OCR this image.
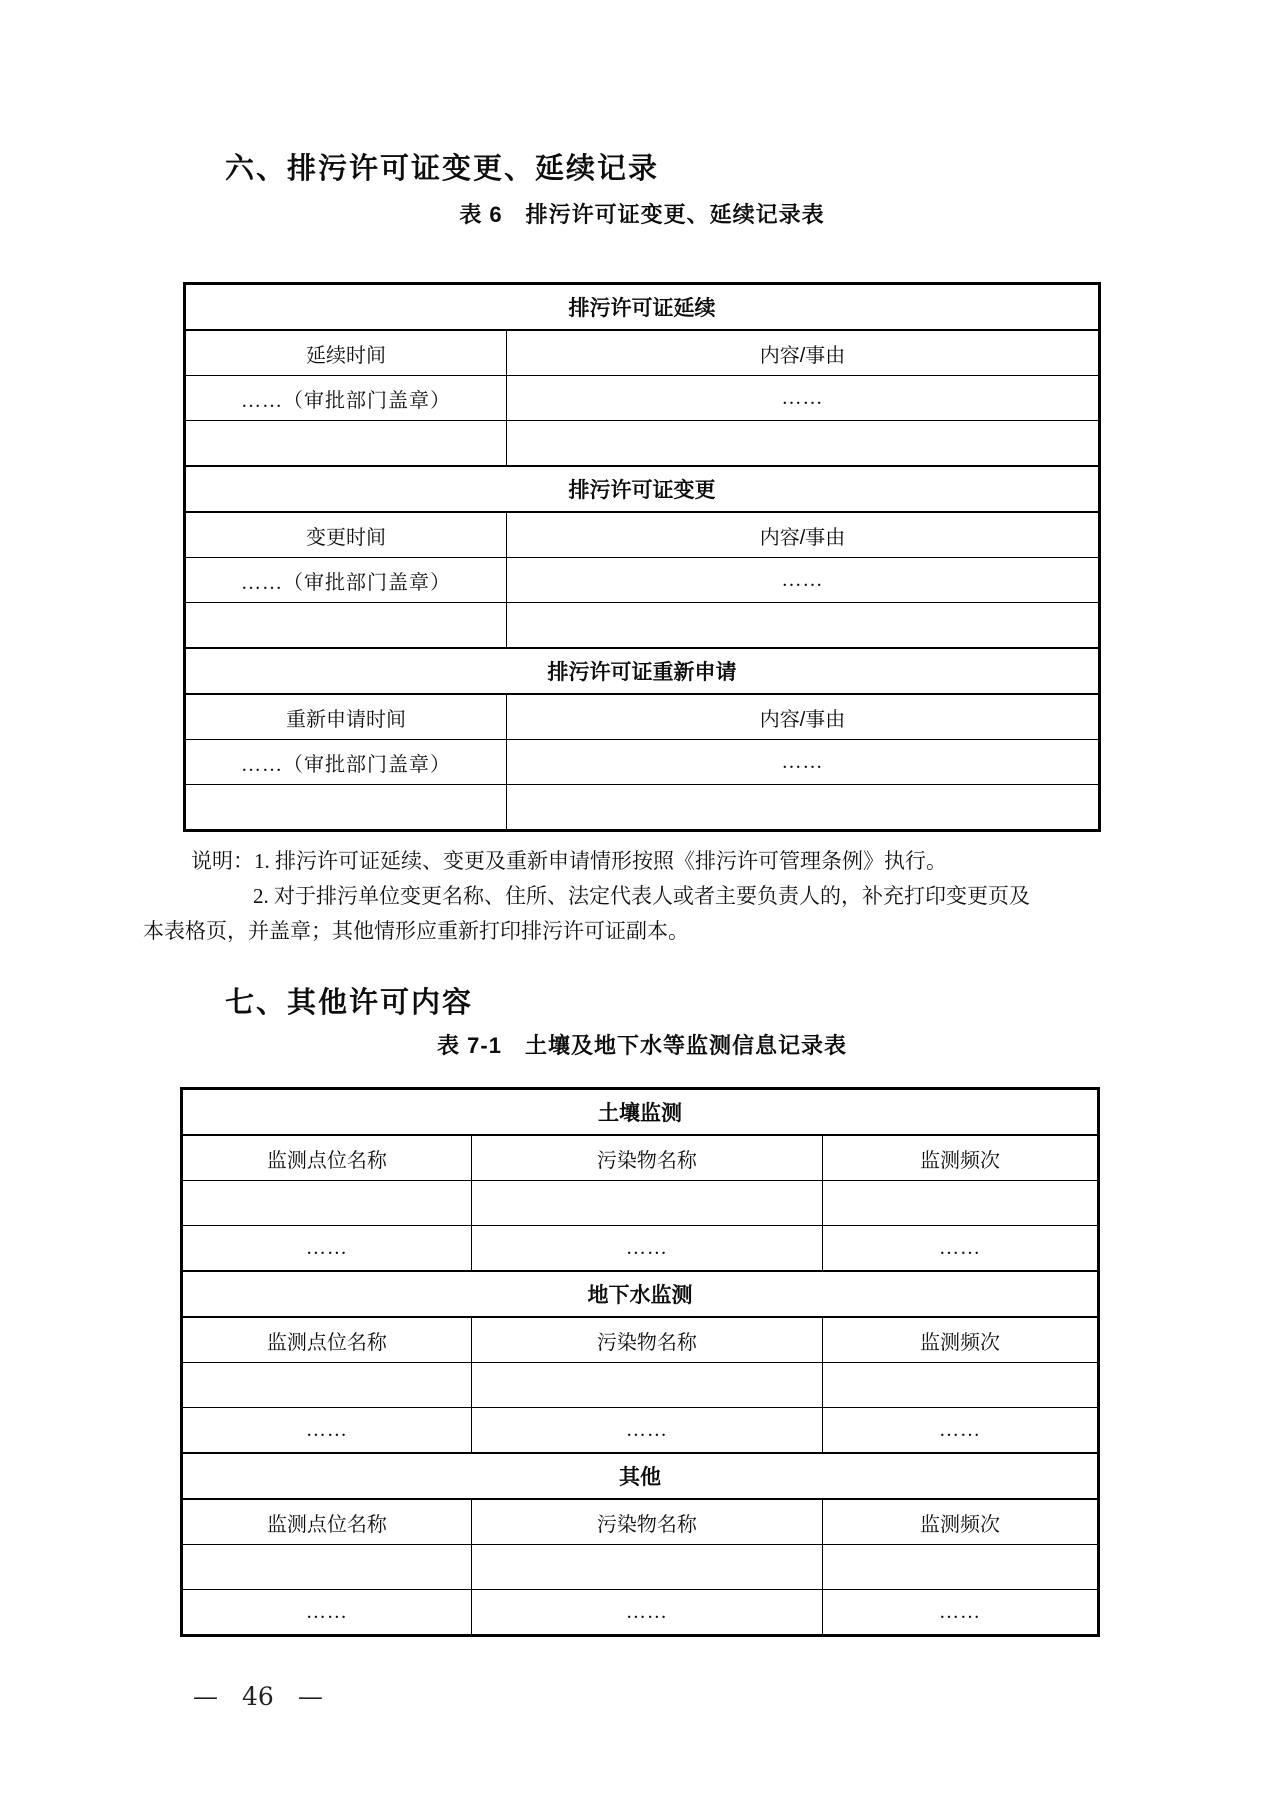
六、排污许可证变更、延续记录
表 6　排污许可证变更、延续记录表
排污许可证延续	
延续时间	内容/事由
……（审批部门盖章）	……

排污许可证变更	
变更时间	内容/事由
……（审批部门盖章）	……

排污许可证重新申请	
重新申请时间	内容/事由
……（审批部门盖章）	……

说明：1. 排污许可证延续、变更及重新申请情形按照《排污许可管理条例》执行。
2. 对于排污单位变更名称、住所、法定代表人或者主要负责人的，补充打印变更页及
本表格页，并盖章；其他情形应重新打印排污许可证副本。
七、其他许可内容
表 7-1　土壤及地下水等监测信息记录表
土壤监测		
监测点位名称	污染物名称	监测频次

……	……	……
地下水监测		
监测点位名称	污染物名称	监测频次

……	……	……
其他		
监测点位名称	污染物名称	监测频次

……	……	……
— 46 —
